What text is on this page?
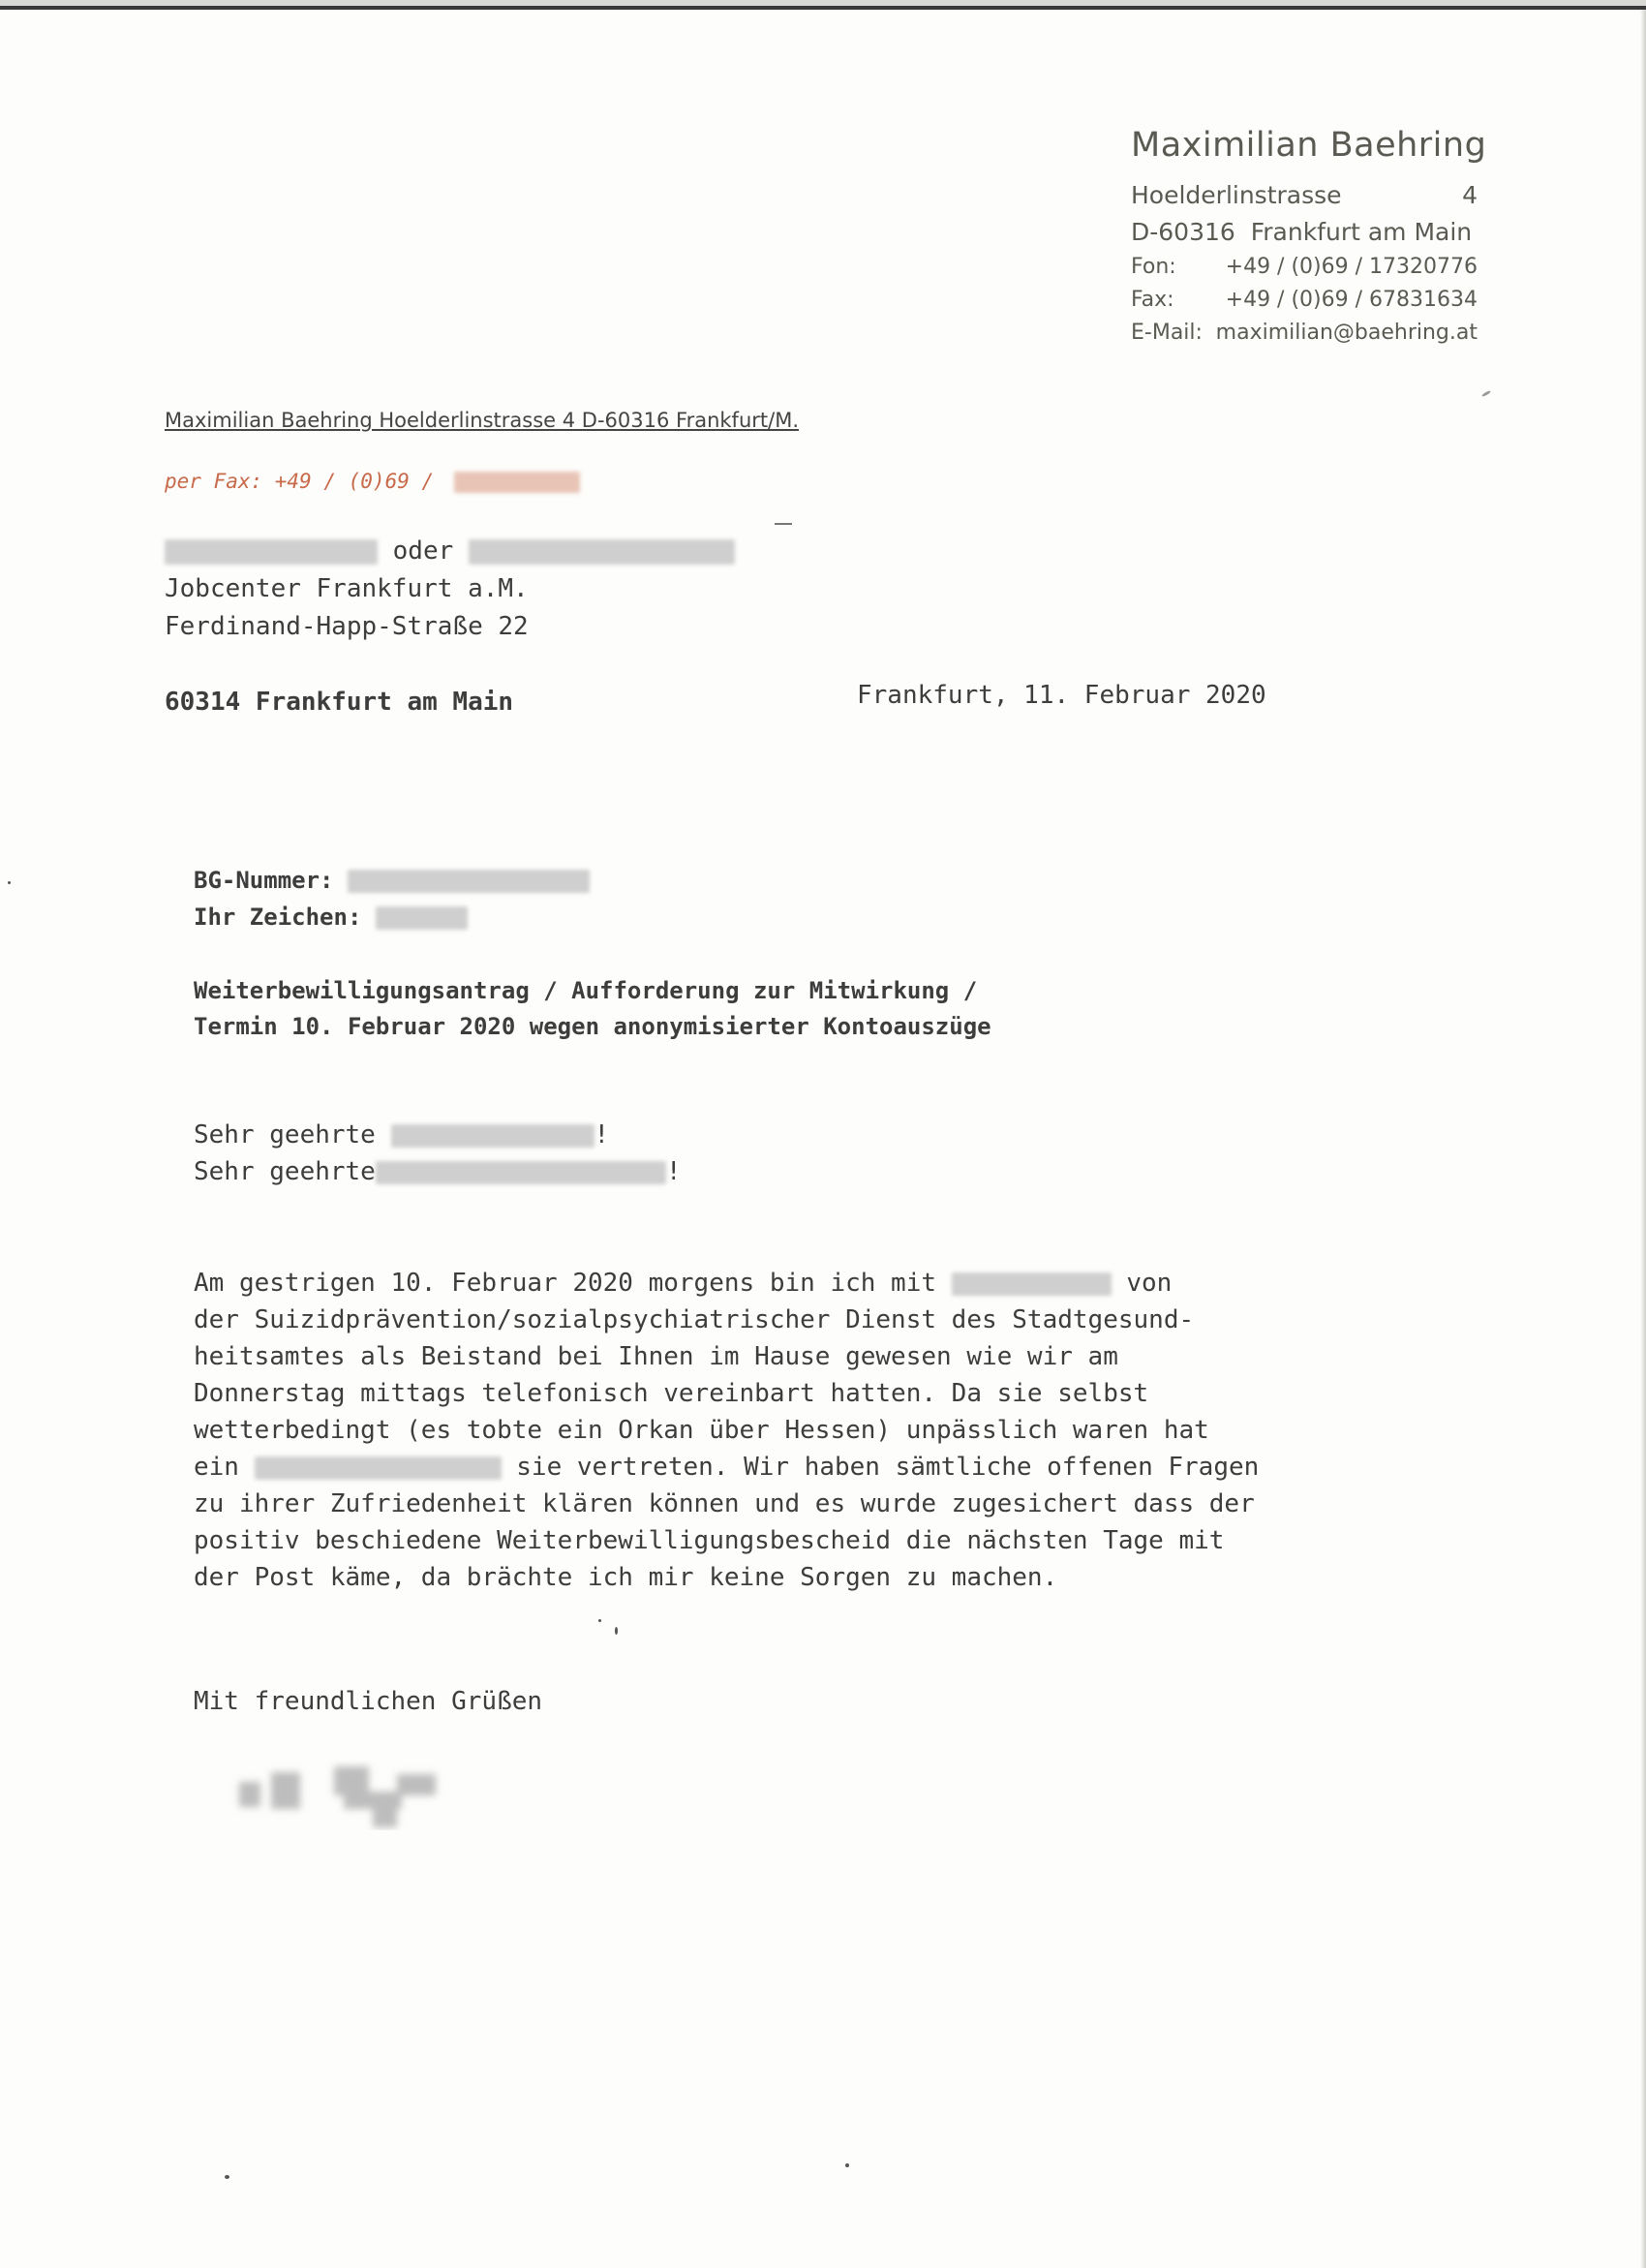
Maximilian Baehring
Hoelderlinstrasse	4
D-60316  Frankfurt am Main
Fon:	+49 / (0)69 / 17320776
Fax:	+49 / (0)69 / 67831634
E-Mail: maximilian@baehring.at
Maximilian Baehring Hoelderlinstrasse 4 D-60316 Frankfurt/M.
per Fax: +49 / (0)69 /
oder
Jobcenter Frankfurt a.M.
Ferdinand-Happ-Straße 22
60314 Frankfurt am Main	Frankfurt, 11. Februar 2020
BG-Nummer:
Ihr Zeichen:
Weiterbewilligungsantrag / Aufforderung zur Mitwirkung /
Termin 10. Februar 2020 wegen anonymisierter Kontoauszüge
Sehr geehrte	!
Sehr geehrte	!
Am gestrigen 10. Februar 2020 morgens bin ich mit	von
der Suizidprävention/sozialpsychiatrischer Dienst des Stadtgesund-
heitsamtes als Beistand bei Ihnen im Hause gewesen wie wir am
Donnerstag mittags telefonisch vereinbart hatten. Da sie selbst
wetterbedingt (es tobte ein Orkan über Hessen) unpässlich waren hat
ein	sie vertreten. Wir haben sämtliche offenen Fragen
zu ihrer Zufriedenheit klären können und es wurde zugesichert dass der
positiv beschiedene Weiterbewilligungsbescheid die nächsten Tage mit
der Post käme, da brächte ich mir keine Sorgen zu machen.
Mit freundlichen Grüßen
